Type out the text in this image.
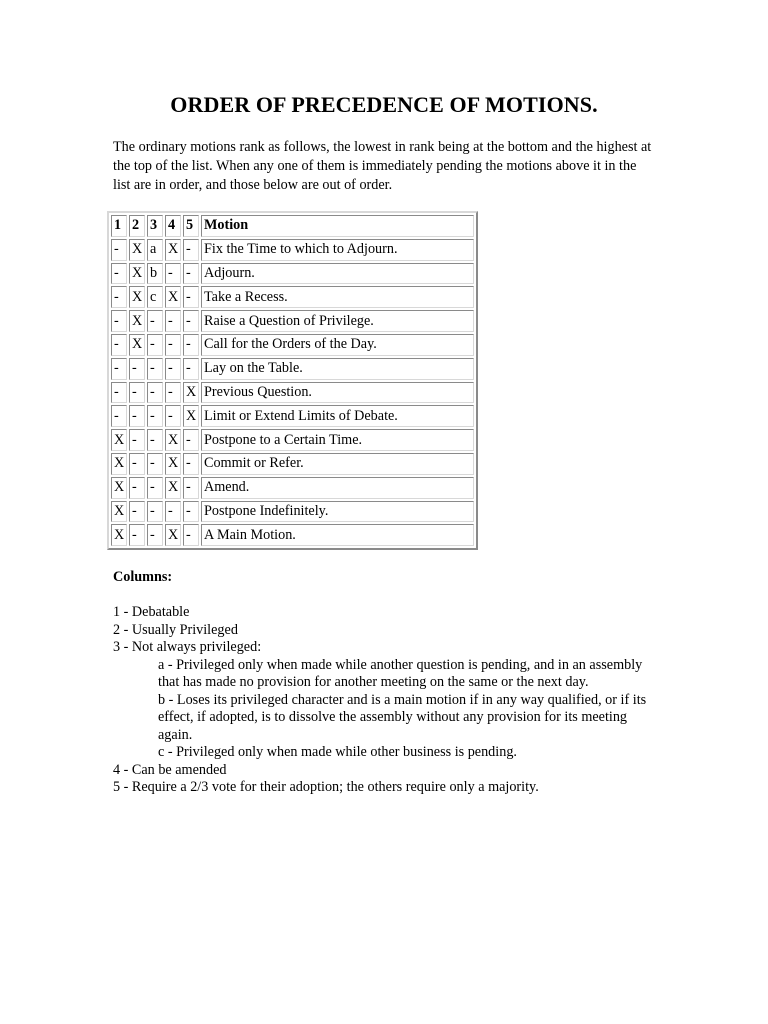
ORDER OF PRECEDENCE OF MOTIONS.

The ordinary motions rank as follows, the lowest in rank being at the bottom and the highest at the top of the list. When any one of them is immediately pending the motions above it in the list are in order, and those below are out of order.

1	2	3	4	5	Motion
-	X	a	X	-	Fix the Time to which to Adjourn.
-	X	b	-	-	Adjourn.
-	X	c	X	-	Take a Recess.
-	X	-	-	-	Raise a Question of Privilege.
-	X	-	-	-	Call for the Orders of the Day.
-	-	-	-	-	Lay on the Table.
-	-	-	-	X	Previous Question.
-	-	-	-	X	Limit or Extend Limits of Debate.
X	-	-	X	-	Postpone to a Certain Time.
X	-	-	X	-	Commit or Refer.
X	-	-	X	-	Amend.
X	-	-	-	-	Postpone Indefinitely.
X	-	-	X	-	A Main Motion.

Columns:

1 - Debatable
2 - Usually Privileged
3 - Not always privileged:
a - Privileged only when made while another question is pending, and in an assembly that has made no provision for another meeting on the same or the next day.
b - Loses its privileged character and is a main motion if in any way qualified, or if its effect, if adopted, is to dissolve the assembly without any provision for its meeting again.
c - Privileged only when made while other business is pending.
4 - Can be amended
5 - Require a 2/3 vote for their adoption; the others require only a majority.
